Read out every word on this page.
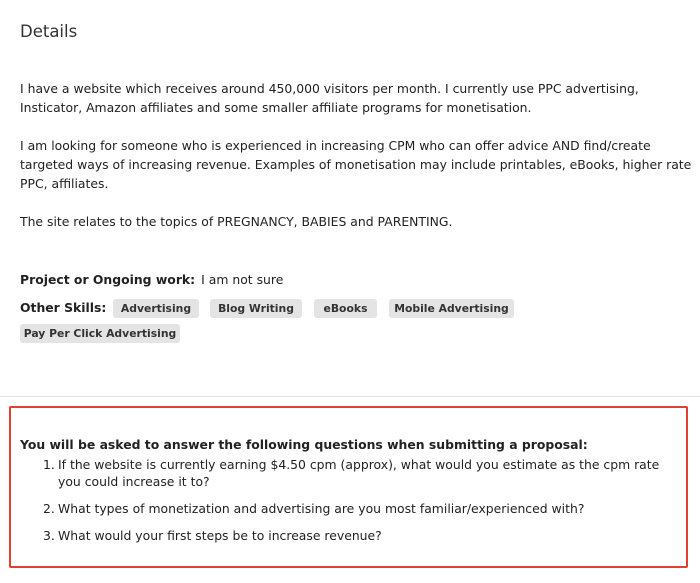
Details

I have a website which receives around 450,000 visitors per month. I currently use PPC advertising, Insticator, Amazon affiliates and some smaller affiliate programs for monetisation.

I am looking for someone who is experienced in increasing CPM who can offer advice AND find/create  targeted ways of increasing revenue. Examples of monetisation may include printables, eBooks, higher rate PPC, affiliates.

The site relates to the topics of PREGNANCY, BABIES and PARENTING.

Project or Ongoing work: I am not sure
Other Skills:	Advertising	Blog Writing	eBooks	Mobile Advertising
Pay Per Click Advertising
You will be asked to answer the following questions when submitting a proposal:
1. If the website is currently earning $4.50 cpm (approx), what would you estimate as the cpm rate you could increase it to?
2. What types of monetization and advertising are you most familiar/experienced with?
3. What would your first steps be to increase revenue?
